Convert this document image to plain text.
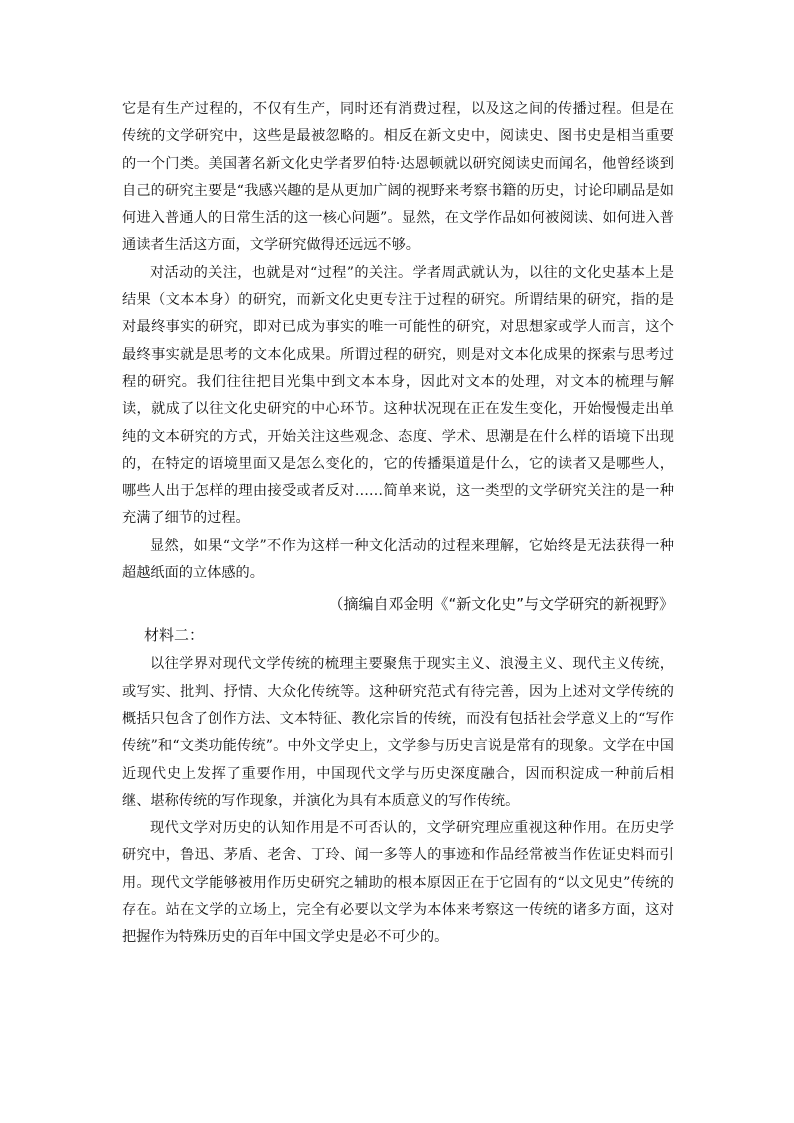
它是有生产过程的，不仅有生产，同时还有消费过程，以及这之间的传播过程。但是在传统的文学研究中，这些是最被忽略的。相反在新文史中，阅读史、图书史是相当重要的一个门类。美国著名新文化史学者罗伯特·达恩顿就以研究阅读史而闻名，他曾经谈到自己的研究主要是“我感兴趣的是从更加广阔的视野来考察书籍的历史，讨论印刷品是如何进入普通人的日常生活的这一核心问题”。显然，在文学作品如何被阅读、如何进入普通读者生活这方面，文学研究做得还远远不够。

对活动的关注，也就是对“过程”的关注。学者周武就认为，以往的文化史基本上是结果（文本本身）的研究，而新文化史更专注于过程的研究。所谓结果的研究，指的是对最终事实的研究，即对已成为事实的唯一可能性的研究，对思想家或学人而言，这个最终事实就是思考的文本化成果。所谓过程的研究，则是对文本化成果的探索与思考过程的研究。我们往往把目光集中到文本本身，因此对文本的处理，对文本的梳理与解读，就成了以往文化史研究的中心环节。这种状况现在正在发生变化，开始慢慢走出单纯的文本研究的方式，开始关注这些观念、态度、学术、思潮是在什么样的语境下出现的，在特定的语境里面又是怎么变化的，它的传播渠道是什么，它的读者又是哪些人，哪些人出于怎样的理由接受或者反对……简单来说，这一类型的文学研究关注的是一种充满了细节的过程。

显然，如果“文学”不作为这样一种文化活动的过程来理解，它始终是无法获得一种超越纸面的立体感的。

（摘编自邓金明《“新文化史”与文学研究的新视野》

材料二：

以往学界对现代文学传统的梳理主要聚焦于现实主义、浪漫主义、现代主义传统，或写实、批判、抒情、大众化传统等。这种研究范式有待完善，因为上述对文学传统的概括只包含了创作方法、文本特征、教化宗旨的传统，而没有包括社会学意义上的“写作传统”和“文类功能传统”。中外文学史上，文学参与历史言说是常有的现象。文学在中国近现代史上发挥了重要作用，中国现代文学与历史深度融合，因而积淀成一种前后相继、堪称传统的写作现象，并演化为具有本质意义的写作传统。

现代文学对历史的认知作用是不可否认的，文学研究理应重视这种作用。在历史学研究中，鲁迅、茅盾、老舍、丁玲、闻一多等人的事迹和作品经常被当作佐证史料而引用。现代文学能够被用作历史研究之辅助的根本原因正在于它固有的“以文见史”传统的存在。站在文学的立场上，完全有必要以文学为本体来考察这一传统的诸多方面，这对把握作为特殊历史的百年中国文学史是必不可少的。
